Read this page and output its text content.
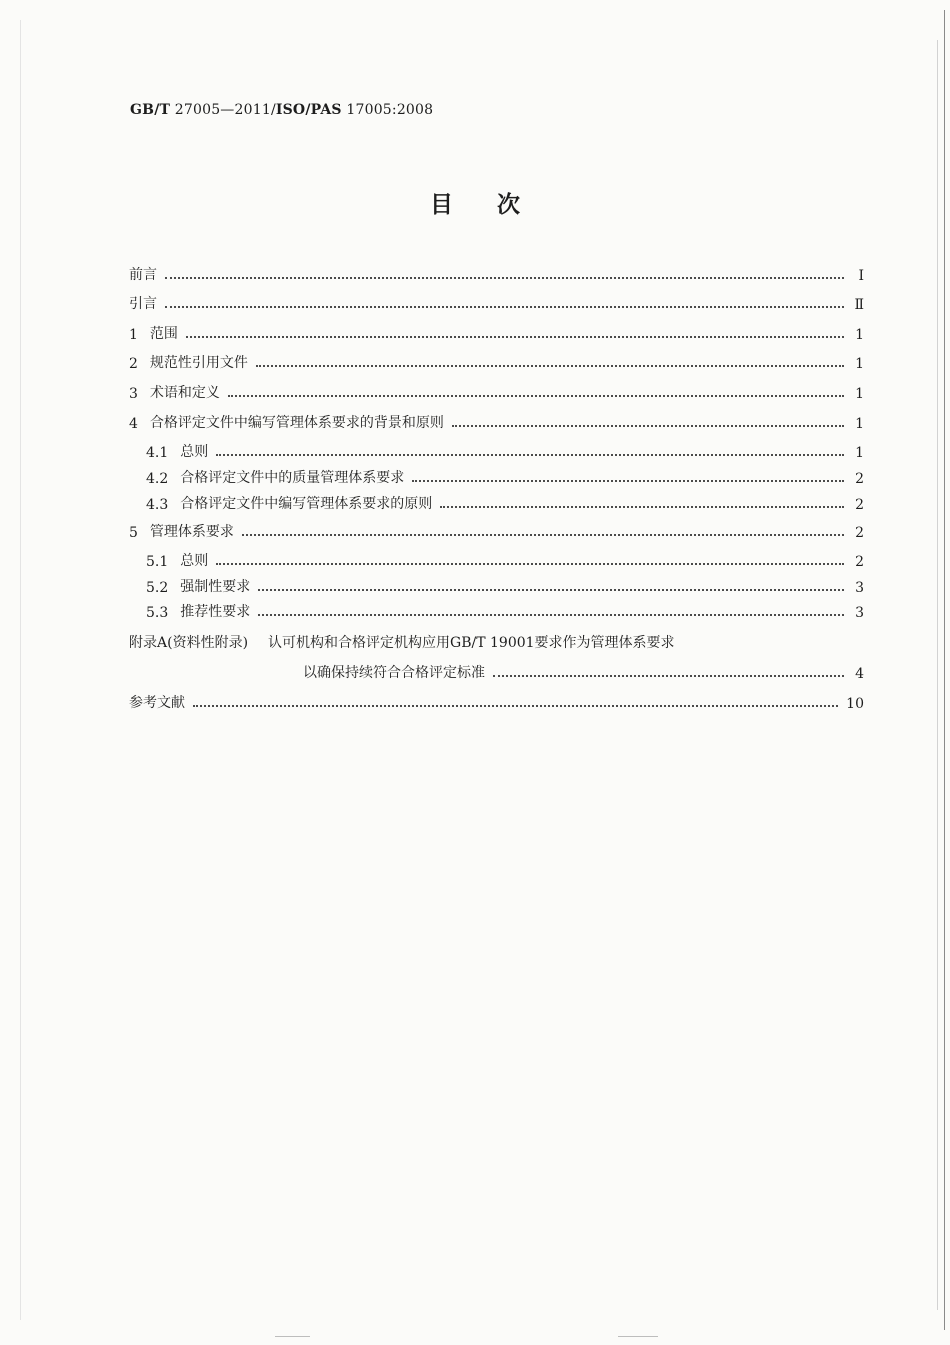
GB/T 27005—2011/ISO/PAS 17005:2008
目次
前言	Ⅰ
引言	Ⅱ
1 范围	1
2 规范性引用文件	1
3 术语和定义	1
4 合格评定文件中编写管理体系要求的背景和原则	1
4.1 总则	1
4.2 合格评定文件中的质量管理体系要求	2
4.3 合格评定文件中编写管理体系要求的原则	2
5 管理体系要求	2
5.1 总则	2
5.2 强制性要求	3
5.3 推荐性要求	3
附录A(资料性附录) 认可机构和合格评定机构应用GB/T 19001要求作为管理体系要求
以确保持续符合合格评定标准	4
参考文献	10
